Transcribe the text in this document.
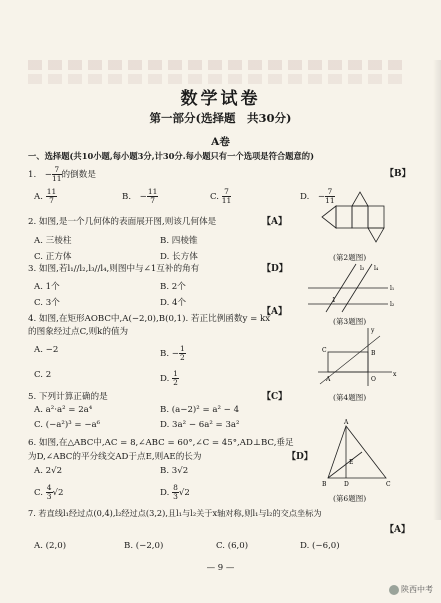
数学试卷
第一部分(选择题　共30分)
A卷
一、选择题(共10小题,每小题3分,计30分.每小题只有一个选项是符合题意的)
1.　− $\frac{7}{11}$ 的倒数是	【B】
A. $\frac{11}{7}$	B.　− $\frac{11}{7}$	C. $\frac{7}{11}$	D.　− $\frac{7}{11}$
2. 如图,是一个几何体的表面展开图,则该几何体是	【A】
A. 三棱柱	B. 四棱锥
C. 正方体	D. 长方体	(第2题图)
3. 如图,若l₁//l₂,l₃//l₄,则图中与∠1互补的角有	【D】
A. 1个	B. 2个
C. 3个	D. 4个
l₃ l₄
l₁
l₂
1
(第3题图)
4. 如图,在矩形AOBC中,A(−2,0),B(0,1). 若正比例函数y = kx
的图象经过点C,则k的值为
A. −2	B. − $\frac{1}{2}$
C. 2	D. $\frac{1}{2}$
【A】
y
x
C	B
A	O
(第4题图)
5. 下列计算正确的是	【C】
A. a²·a² = 2a⁴	B. (a−2)² = a² − 4
C. (−a²)³ = −a⁶	D. 3a² − 6a² = 3a²
6. 如图,在△ABC中,AC = 8,∠ABC = 60°,∠C = 45°,AD⊥BC,垂足
为D,∠ABC的平分线交AD于点E,则AE的长为	【D】
A. 2√2	B. 3√2
C. $\frac{4}{3} √2$	D. $\frac{8}{3} √2$
A
B	C
D
E
(第6题图)
7. 若直线l₁经过点(0,4),l₂经过点(3,2),且l₁与l₂关于x轴对称,则l₁与l₂的交点坐标为
【A】
A. (2,0)	B. (−2,0)	C. (6,0)	D. (−6,0)
— 9 —
陕西中考
